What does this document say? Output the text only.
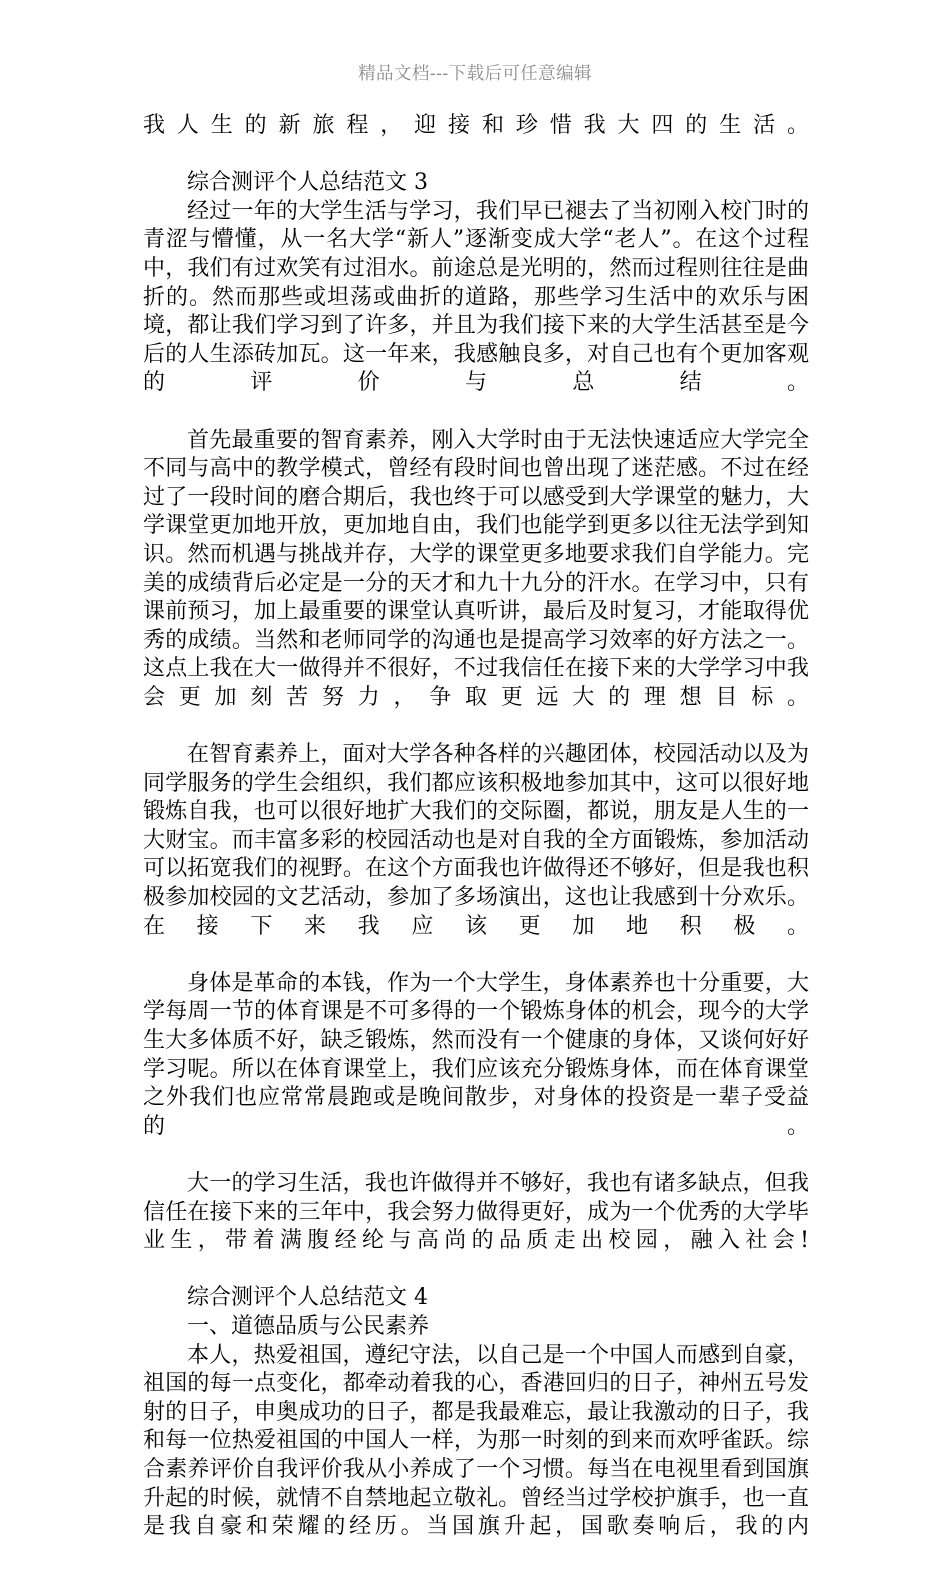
精品文档---下载后可任意编辑

我人生的新旅程，迎接和珍惜我大四的生活。

综合测评个人总结范文 3

经过一年的大学生活与学习，我们早已褪去了当初刚入校门时的青涩与懵懂，从一名大学“新人”逐渐变成大学“老人”。在这个过程中，我们有过欢笑有过泪水。前途总是光明的，然而过程则往往是曲折的。然而那些或坦荡或曲折的道路，那些学习生活中的欢乐与困境，都让我们学习到了许多，并且为我们接下来的大学生活甚至是今后的人生添砖加瓦。这一年来，我感触良多，对自己也有个更加客观的评价与总结。

首先最重要的智育素养，刚入大学时由于无法快速适应大学完全不同与高中的教学模式，曾经有段时间也曾出现了迷茫感。不过在经过了一段时间的磨合期后，我也终于可以感受到大学课堂的魅力，大学课堂更加地开放，更加地自由，我们也能学到更多以往无法学到知识。然而机遇与挑战并存，大学的课堂更多地要求我们自学能力。完美的成绩背后必定是一分的天才和九十九分的汗水。在学习中，只有课前预习，加上最重要的课堂认真听讲，最后及时复习，才能取得优秀的成绩。当然和老师同学的沟通也是提高学习效率的好方法之一。这点上我在大一做得并不很好，不过我信任在接下来的大学学习中我会更加刻苦努力，争取更远大的理想目标。

在智育素养上，面对大学各种各样的兴趣团体，校园活动以及为同学服务的学生会组织，我们都应该积极地参加其中，这可以很好地锻炼自我，也可以很好地扩大我们的交际圈，都说，朋友是人生的一大财宝。而丰富多彩的校园活动也是对自我的全方面锻炼，参加活动可以拓宽我们的视野。在这个方面我也许做得还不够好，但是我也积极参加校园的文艺活动，参加了多场演出，这也让我感到十分欢乐。在接下来我应该更加地积极。

身体是革命的本钱，作为一个大学生，身体素养也十分重要，大学每周一节的体育课是不可多得的一个锻炼身体的机会，现今的大学生大多体质不好，缺乏锻炼，然而没有一个健康的身体，又谈何好好学习呢。所以在体育课堂上，我们应该充分锻炼身体，而在体育课堂之外我们也应常常晨跑或是晚间散步，对身体的投资是一辈子受益的。

大一的学习生活，我也许做得并不够好，我也有诸多缺点，但我信任在接下来的三年中，我会努力做得更好，成为一个优秀的大学毕业生，带着满腹经纶与高尚的品质走出校园，融入社会!

综合测评个人总结范文 4

一、道德品质与公民素养

本人，热爱祖国，遵纪守法，以自己是一个中国人而感到自豪，祖国的每一点变化，都牵动着我的心，香港回归的日子，神州五号发射的日子，申奥成功的日子，都是我最难忘，最让我激动的日子，我和每一位热爱祖国的中国人一样，为那一时刻的到来而欢呼雀跃。综合素养评价自我评价我从小养成了一个习惯。每当在电视里看到国旗升起的时候，就情不自禁地起立敬礼。曾经当过学校护旗手，也一直是我自豪和荣耀的经历。当国旗升起，国歌奏响后，我的内
